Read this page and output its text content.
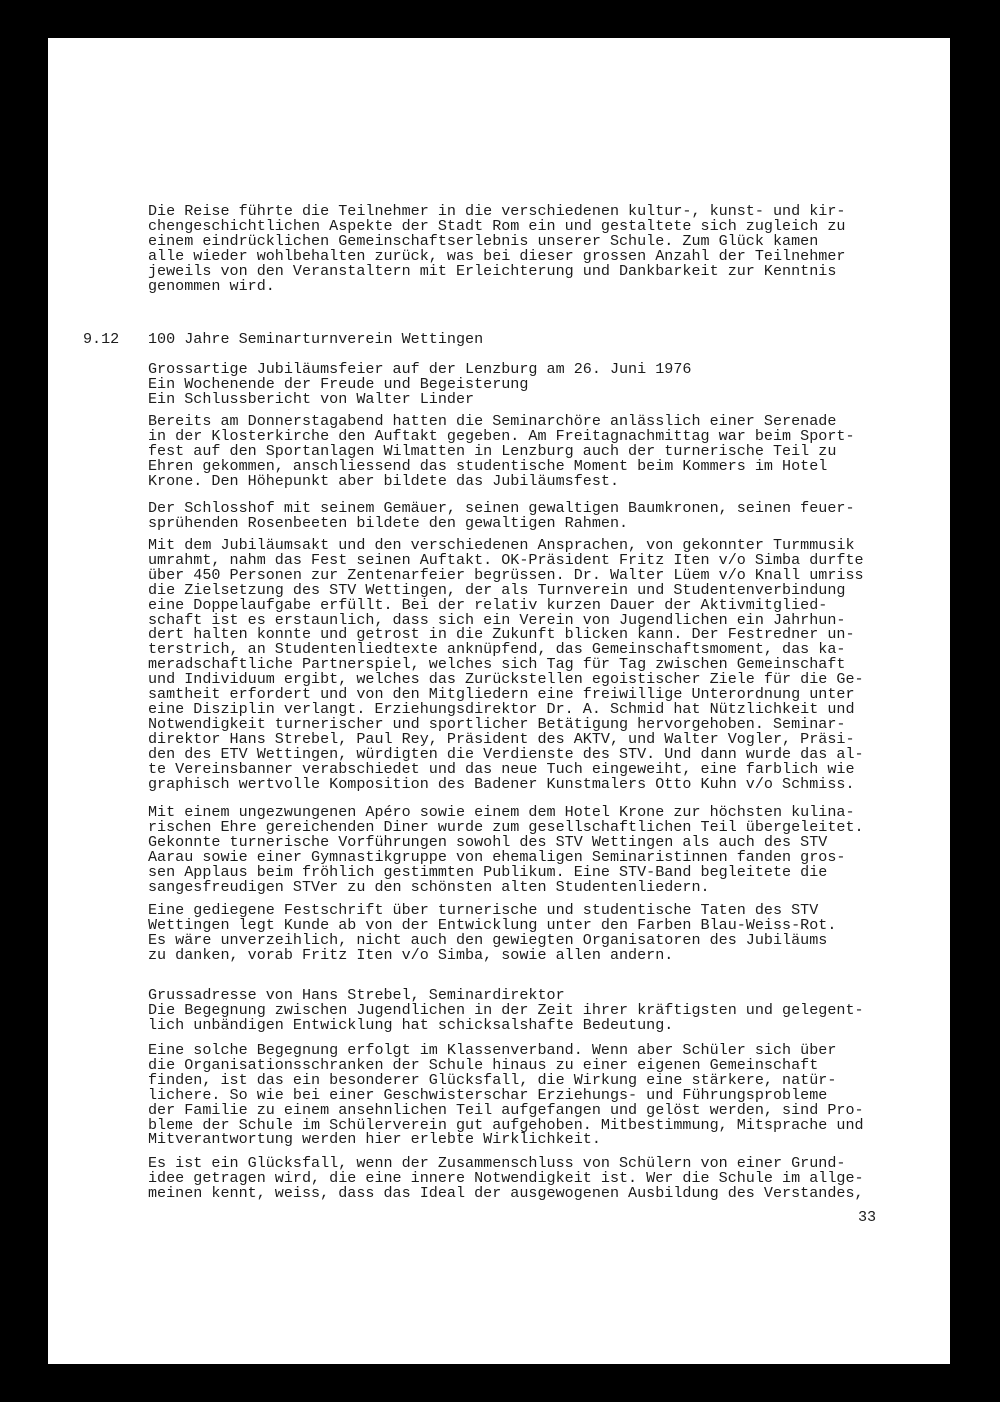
Die Reise führte die Teilnehmer in die verschiedenen kultur-, kunst- und kir-
chengeschichtlichen Aspekte der Stadt Rom ein und gestaltete sich zugleich zu
einem eindrücklichen Gemeinschaftserlebnis unserer Schule. Zum Glück kamen
alle wieder wohlbehalten zurück, was bei dieser grossen Anzahl der Teilnehmer
jeweils von den Veranstaltern mit Erleichterung und Dankbarkeit zur Kenntnis
genommen wird.
9.12 100 Jahre Seminarturnverein Wettingen
Grossartige Jubiläumsfeier auf der Lenzburg am 26. Juni 1976
Ein Wochenende der Freude und Begeisterung
Ein Schlussbericht von Walter Linder
Bereits am Donnerstagabend hatten die Seminarchöre anlässlich einer Serenade
in der Klosterkirche den Auftakt gegeben. Am Freitagnachmittag war beim Sport-
fest auf den Sportanlagen Wilmatten in Lenzburg auch der turnerische Teil zu
Ehren gekommen, anschliessend das studentische Moment beim Kommers im Hotel
Krone. Den Höhepunkt aber bildete das Jubiläumsfest.
Der Schlosshof mit seinem Gemäuer, seinen gewaltigen Baumkronen, seinen feuer-
sprühenden Rosenbeeten bildete den gewaltigen Rahmen.
Mit dem Jubiläumsakt und den verschiedenen Ansprachen, von gekonnter Turmmusik
umrahmt, nahm das Fest seinen Auftakt. OK-Präsident Fritz Iten v/o Simba durfte
über 450 Personen zur Zentenarfeier begrüssen. Dr. Walter Lüem v/o Knall umriss
die Zielsetzung des STV Wettingen, der als Turnverein und Studentenverbindung
eine Doppelaufgabe erfüllt. Bei der relativ kurzen Dauer der Aktivmitglied-
schaft ist es erstaunlich, dass sich ein Verein von Jugendlichen ein Jahrhun-
dert halten konnte und getrost in die Zukunft blicken kann. Der Festredner un-
terstrich, an Studentenliedtexte anknüpfend, das Gemeinschaftsmoment, das ka-
meradschaftliche Partnerspiel, welches sich Tag für Tag zwischen Gemeinschaft
und Individuum ergibt, welches das Zurückstellen egoistischer Ziele für die Ge-
samtheit erfordert und von den Mitgliedern eine freiwillige Unterordnung unter
eine Disziplin verlangt. Erziehungsdirektor Dr. A. Schmid hat Nützlichkeit und
Notwendigkeit turnerischer und sportlicher Betätigung hervorgehoben. Seminar-
direktor Hans Strebel, Paul Rey, Präsident des AKTV, und Walter Vogler, Präsi-
den des ETV Wettingen, würdigten die Verdienste des STV. Und dann wurde das al-
te Vereinsbanner verabschiedet und das neue Tuch eingeweiht, eine farblich wie
graphisch wertvolle Komposition des Badener Kunstmalers Otto Kuhn v/o Schmiss.
Mit einem ungezwungenen Apéro sowie einem dem Hotel Krone zur höchsten kulina-
rischen Ehre gereichenden Diner wurde zum gesellschaftlichen Teil übergeleitet.
Gekonnte turnerische Vorführungen sowohl des STV Wettingen als auch des STV
Aarau sowie einer Gymnastikgruppe von ehemaligen Seminaristinnen fanden gros-
sen Applaus beim fröhlich gestimmten Publikum. Eine STV-Band begleitete die
sangesfreudigen STVer zu den schönsten alten Studentenliedern.
Eine gediegene Festschrift über turnerische und studentische Taten des STV
Wettingen legt Kunde ab von der Entwicklung unter den Farben Blau-Weiss-Rot.
Es wäre unverzeihlich, nicht auch den gewiegten Organisatoren des Jubiläums
zu danken, vorab Fritz Iten v/o Simba, sowie allen andern.
Grussadresse von Hans Strebel, Seminardirektor
Die Begegnung zwischen Jugendlichen in der Zeit ihrer kräftigsten und gelegent-
lich unbändigen Entwicklung hat schicksalshafte Bedeutung.
Eine solche Begegnung erfolgt im Klassenverband. Wenn aber Schüler sich über
die Organisationsschranken der Schule hinaus zu einer eigenen Gemeinschaft
finden, ist das ein besonderer Glücksfall, die Wirkung eine stärkere, natür-
lichere. So wie bei einer Geschwisterschar Erziehungs- und Führungsprobleme
der Familie zu einem ansehnlichen Teil aufgefangen und gelöst werden, sind Pro-
bleme der Schule im Schülerverein gut aufgehoben. Mitbestimmung, Mitsprache und
Mitverantwortung werden hier erlebte Wirklichkeit.
Es ist ein Glücksfall, wenn der Zusammenschluss von Schülern von einer Grund-
idee getragen wird, die eine innere Notwendigkeit ist. Wer die Schule im allge-
meinen kennt, weiss, dass das Ideal der ausgewogenen Ausbildung des Verstandes,
33
